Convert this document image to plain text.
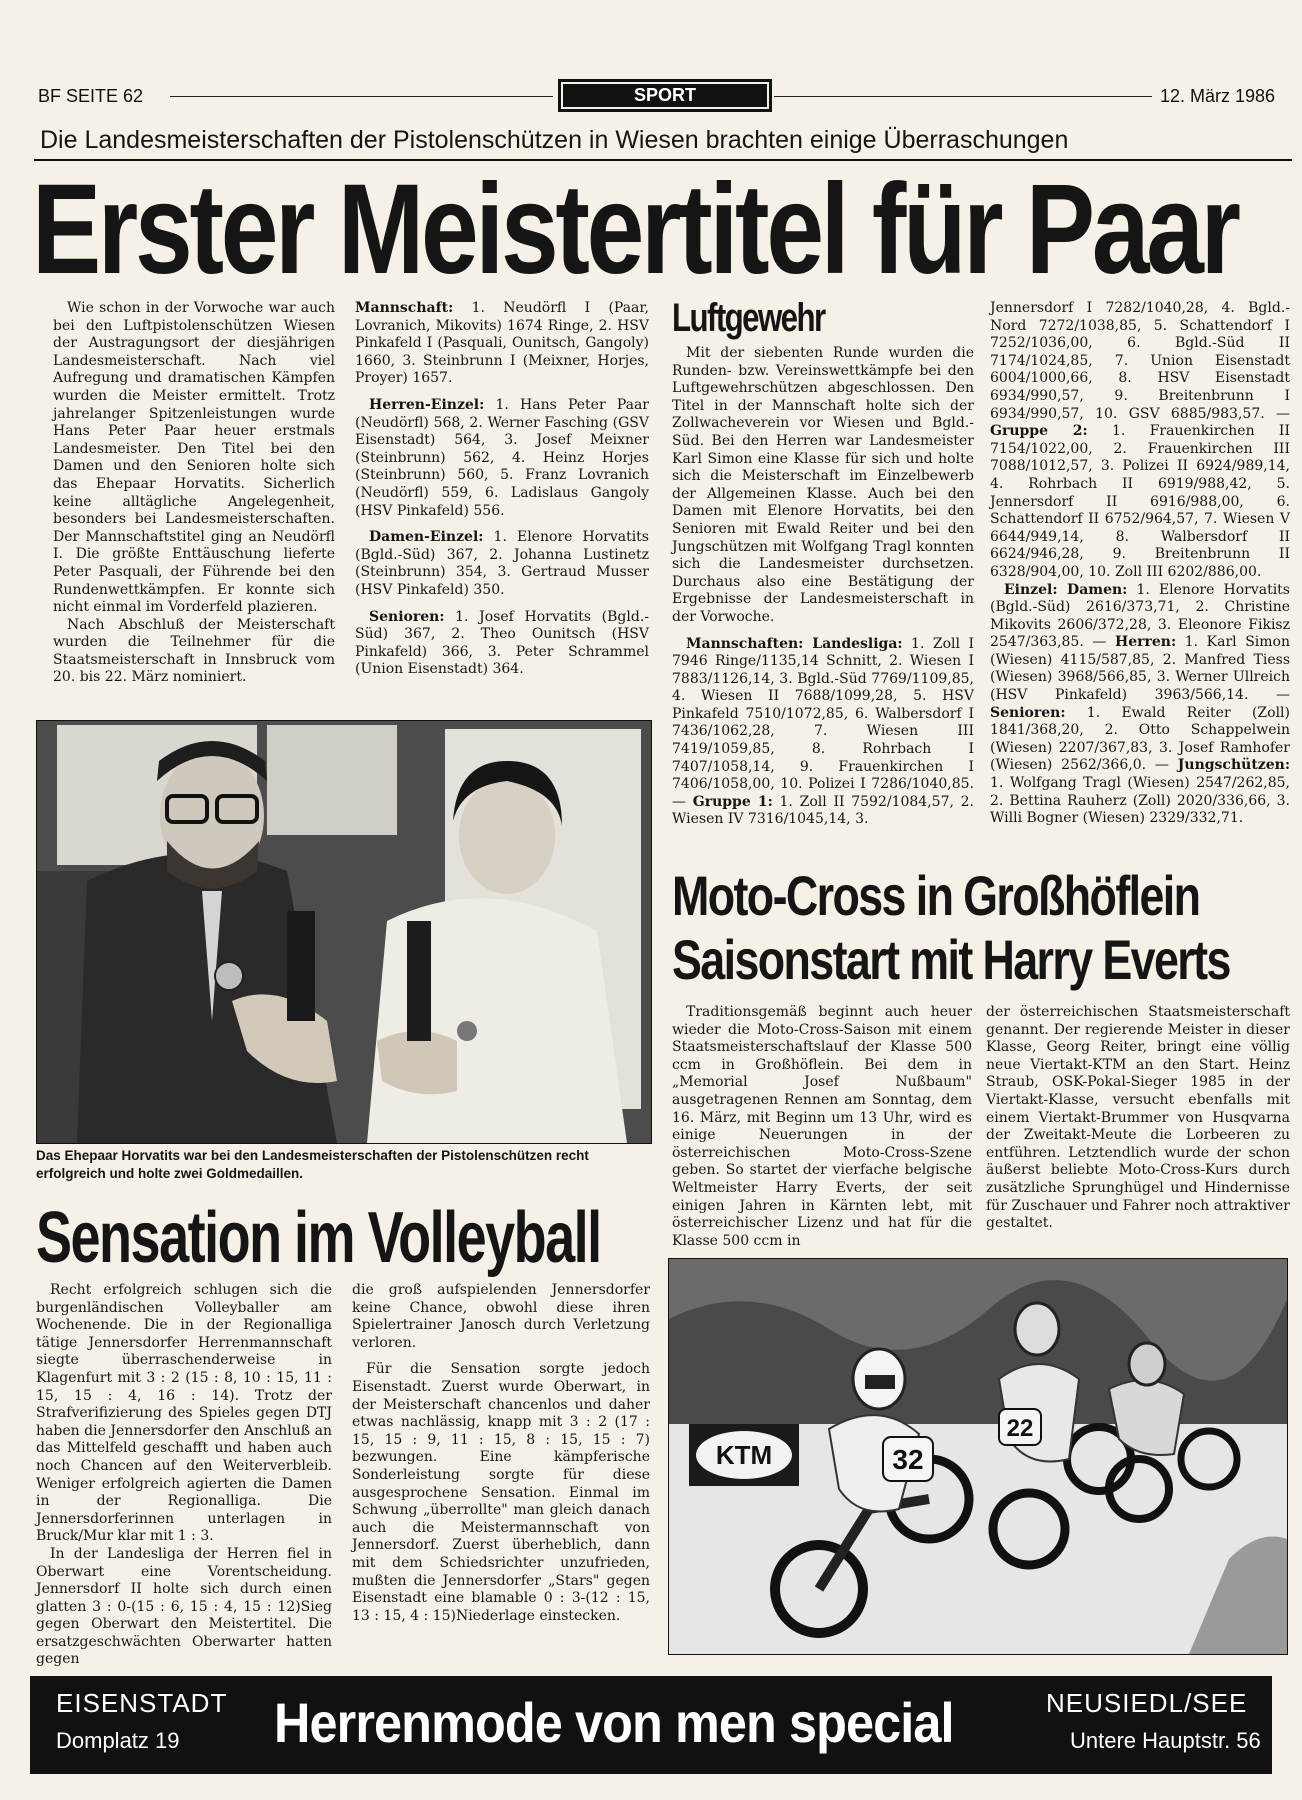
BF SEITE 62	SPORT	12. März 1986
Die Landesmeisterschaften der Pistolenschützen in Wiesen brachten einige Überraschungen
Erster Meistertitel für Paar

Wie schon in der Vorwoche war auch bei den Luftpistolenschützen Wiesen der Austragungsort der diesjährigen Landesmeisterschaft. Nach viel Aufregung und dramatischen Kämpfen wurden die Meister ermittelt. Trotz jahrelanger Spitzenleistungen wurde Hans Peter Paar heuer erstmals Landesmeister. Den Titel bei den Damen und den Senioren holte sich das Ehepaar Horvatits. Sicherlich keine alltägliche Angelegenheit, besonders bei Landesmeisterschaften. Der Mannschaftstitel ging an Neudörfl I. Die größte Enttäuschung lieferte Peter Pasquali, der Führende bei den Rundenwettkämpfen. Er konnte sich nicht einmal im Vorderfeld plazieren.

Nach Abschluß der Meisterschaft wurden die Teilnehmer für die Staatsmeisterschaft in Innsbruck vom 20. bis 22. März nominiert.

Mannschaft: 1. Neudörfl I (Paar, Lovranich, Mikovits) 1674 Ringe, 2. HSV Pinkafeld I (Pasquali, Ounitsch, Gangoly) 1660, 3. Steinbrunn I (Meixner, Horjes, Proyer) 1657.

Herren-Einzel: 1. Hans Peter Paar (Neudörfl) 568, 2. Werner Fasching (GSV Eisenstadt) 564, 3. Josef Meixner (Steinbrunn) 562, 4. Heinz Horjes (Steinbrunn) 560, 5. Franz Lovranich (Neudörfl) 559, 6. Ladislaus Gangoly (HSV Pinkafeld) 556.

Damen-Einzel: 1. Elenore Horvatits (Bgld.-Süd) 367, 2. Johanna Lustinetz (Steinbrunn) 354, 3. Gertraud Musser (HSV Pinkafeld) 350.

Senioren: 1. Josef Horvatits (Bgld.-Süd) 367, 2. Theo Ounitsch (HSV Pinkafeld) 366, 3. Peter Schrammel (Union Eisenstadt) 364.

Luftgewehr

Mit der siebenten Runde wurden die Runden- bzw. Vereinswettkämpfe bei den Luftgewehrschützen abgeschlossen. Den Titel in der Mannschaft holte sich der Zollwacheverein vor Wiesen und Bgld.-Süd. Bei den Herren war Landesmeister Karl Simon eine Klasse für sich und holte sich die Meisterschaft im Einzelbewerb der Allgemeinen Klasse. Auch bei den Damen mit Elenore Horvatits, bei den Senioren mit Ewald Reiter und bei den Jungschützen mit Wolfgang Tragl konnten sich die Landesmeister durchsetzen. Durchaus also eine Bestätigung der Ergebnisse der Landesmeisterschaft in der Vorwoche.

Mannschaften: Landesliga: 1. Zoll I 7946 Ringe/1135,14 Schnitt, 2. Wiesen I 7883/1126,14, 3. Bgld.-Süd 7769/1109,85, 4. Wiesen II 7688/1099,28, 5. HSV Pinkafeld 7510/1072,85, 6. Walbersdorf I 7436/1062,28, 7. Wiesen III 7419/1059,85, 8. Rohrbach I 7407/1058,14, 9. Frauenkirchen I 7406/1058,00, 10. Polizei I 7286/1040,85. — Gruppe 1: 1. Zoll II 7592/1084,57, 2. Wiesen IV 7316/1045,14, 3.

Jennersdorf I 7282/1040,28, 4. Bgld.-Nord 7272/1038,85, 5. Schattendorf I 7252/1036,00, 6. Bgld.-Süd II 7174/1024,85, 7. Union Eisenstadt 6004/1000,66, 8. HSV Eisenstadt 6934/990,57, 9. Breitenbrunn I 6934/990,57, 10. GSV 6885/983,57. — Gruppe 2: 1. Frauenkirchen II 7154/1022,00, 2. Frauenkirchen III 7088/1012,57, 3. Polizei II 6924/989,14, 4. Rohrbach II 6919/988,42, 5. Jennersdorf II 6916/988,00, 6. Schattendorf II 6752/964,57, 7. Wiesen V 6644/949,14, 8. Walbersdorf II 6624/946,28, 9. Breitenbrunn II 6328/904,00, 10. Zoll III 6202/886,00.

Einzel: Damen: 1. Elenore Horvatits (Bgld.-Süd) 2616/373,71, 2. Christine Mikovits 2606/372,28, 3. Eleonore Fikisz 2547/363,85. — Herren: 1. Karl Simon (Wiesen) 4115/587,85, 2. Manfred Tiess (Wiesen) 3968/566,85, 3. Werner Ullreich (HSV Pinkafeld) 3963/566,14. — Senioren: 1. Ewald Reiter (Zoll) 1841/368,20, 2. Otto Schappelwein (Wiesen) 2207/367,83, 3. Josef Ramhofer (Wiesen) 2562/366,0. — Jungschützen: 1. Wolfgang Tragl (Wiesen) 2547/262,85, 2. Bettina Rauherz (Zoll) 2020/336,66, 3. Willi Bogner (Wiesen) 2329/332,71.

Das Ehepaar Horvatits war bei den Landesmeisterschaften der Pistolenschützen recht erfolgreich und holte zwei Goldmedaillen.
Moto-Cross in Großhöflein
Saisonstart mit Harry Everts

Traditionsgemäß beginnt auch heuer wieder die Moto-Cross-Saison mit einem Staatsmeisterschaftslauf der Klasse 500 ccm in Großhöflein. Bei dem in „Memorial Josef Nußbaum" ausgetragenen Rennen am Sonntag, dem 16. März, mit Beginn um 13 Uhr, wird es einige Neuerungen in der österreichischen Moto-Cross-Szene geben. So startet der vierfache belgische Weltmeister Harry Everts, der seit einigen Jahren in Kärnten lebt, mit österreichischer Lizenz und hat für die Klasse 500 ccm in

der österreichischen Staatsmeisterschaft genannt. Der regierende Meister in dieser Klasse, Georg Reiter, bringt eine völlig neue Viertakt-KTM an den Start. Heinz Straub, OSK-Pokal-Sieger 1985 in der Viertakt-Klasse, versucht ebenfalls mit einem Viertakt-Brummer von Husqvarna der Zweitakt-Meute die Lorbeeren zu entführen. Letztendlich wurde der schon äußerst beliebte Moto-Cross-Kurs durch zusätzliche Sprunghügel und Hindernisse für Zuschauer und Fahrer noch attraktiver gestaltet.

KTM	32
22
Sensation im Volleyball

Recht erfolgreich schlugen sich die burgenländischen Volleyballer am Wochenende. Die in der Regionalliga tätige Jennersdorfer Herrenmannschaft siegte überraschenderweise in Klagenfurt mit 3 : 2 (15 : 8, 10 : 15, 11 : 15, 15 : 4, 16 : 14). Trotz der Strafverifizierung des Spieles gegen DTJ haben die Jennersdorfer den Anschluß an das Mittelfeld geschafft und haben auch noch Chancen auf den Weiterverbleib. Weniger erfolgreich agierten die Damen in der Regionalliga. Die Jennersdorferinnen unterlagen in Bruck/Mur klar mit 1 : 3.

In der Landesliga der Herren fiel in Oberwart eine Vorentscheidung. Jennersdorf II holte sich durch einen glatten 3 : 0-(15 : 6, 15 : 4, 15 : 12)Sieg gegen Oberwart den Meistertitel. Die ersatzgeschwächten Oberwarter hatten gegen

die groß aufspielenden Jennersdorfer keine Chance, obwohl diese ihren Spielertrainer Janosch durch Verletzung verloren.

Für die Sensation sorgte jedoch Eisenstadt. Zuerst wurde Oberwart, in der Meisterschaft chancenlos und daher etwas nachlässig, knapp mit 3 : 2 (17 : 15, 15 : 9, 11 : 15, 8 : 15, 15 : 7) bezwungen. Eine kämpferische Sonderleistung sorgte für diese ausgesprochene Sensation. Einmal im Schwung „überrollte" man gleich danach auch die Meistermannschaft von Jennersdorf. Zuerst überheblich, dann mit dem Schiedsrichter unzufrieden, mußten die Jennersdorfer „Stars" gegen Eisenstadt eine blamable 0 : 3-(12 : 15, 13 : 15, 4 : 15)Niederlage einstecken.

EISENSTADT
Domplatz 19 Herrenmode von men special	NEUSIEDL/SEE
Untere Hauptstr. 56
